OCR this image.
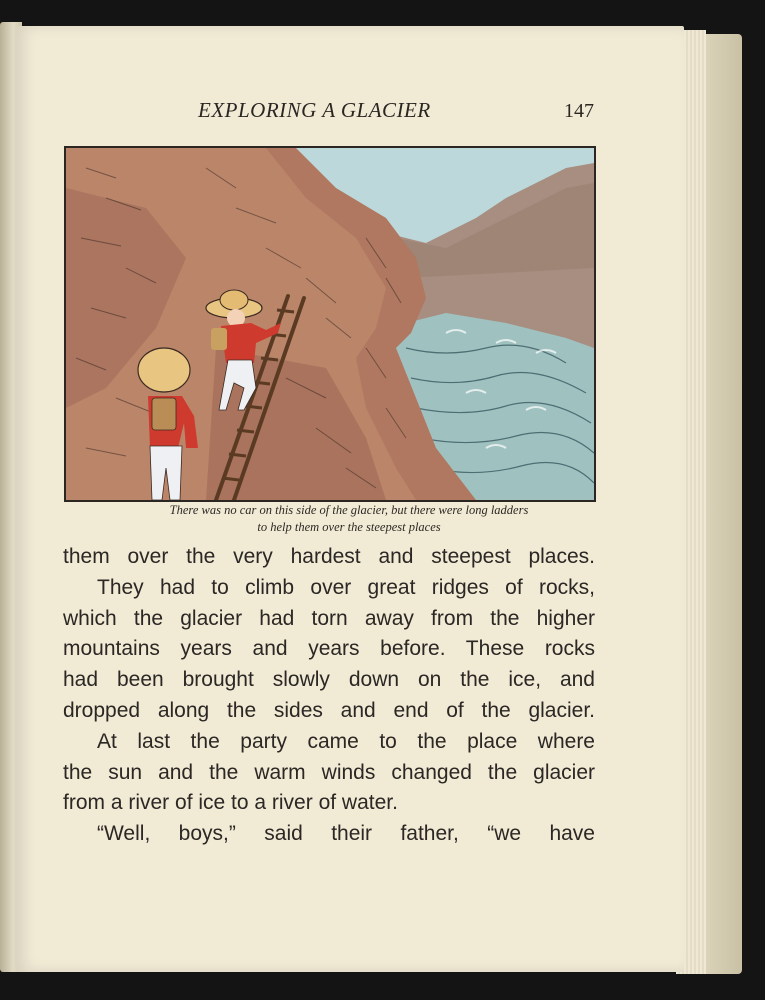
EXPLORING A GLACIER	147
There was no car on this side of the glacier, but there were long ladders
to help them over the steepest places
them over the very hardest and steepest places.
They had to climb over great ridges of rocks,
which the glacier had torn away from the higher
mountains years and years before. These rocks
had been brought slowly down on the ice, and
dropped along the sides and end of the glacier.
At last the party came to the place where
the sun and the warm winds changed the glacier
from a river of ice to a river of water.
“Well, boys,” said their father, “we have
